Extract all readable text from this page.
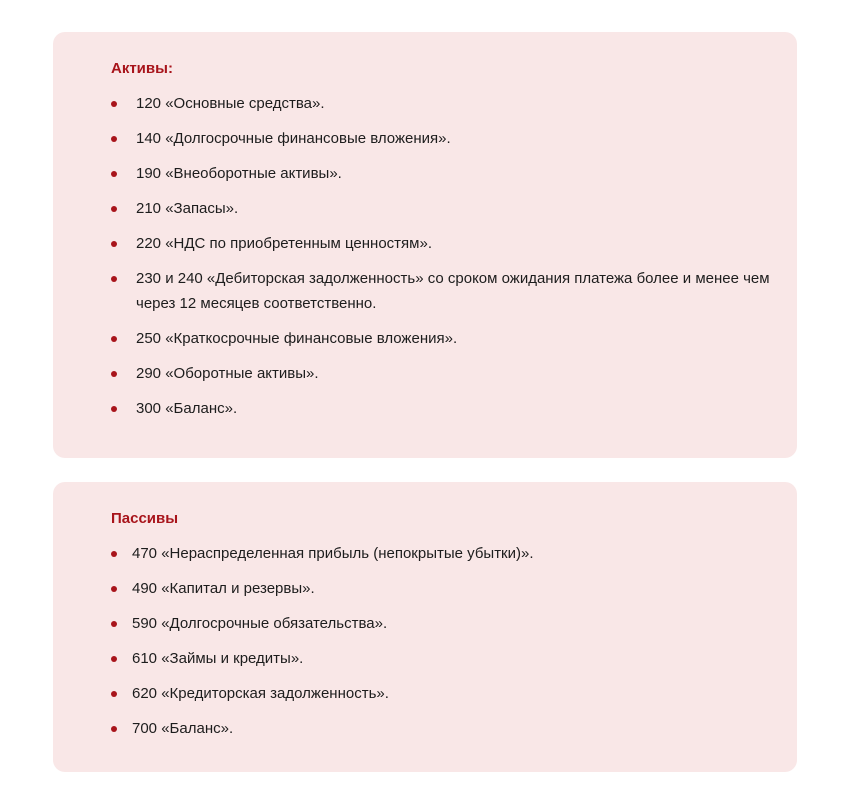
Активы:
120 «Основные средства».
140 «Долгосрочные финансовые вложения».
190 «Внеоборотные активы».
210 «Запасы».
220 «НДС по приобретенным ценностям».
230 и 240 «Дебиторская задолженность» со сроком ожидания платежа более и менее чем через 12 месяцев соответственно.
250 «Краткосрочные финансовые вложения».
290 «Оборотные активы».
300 «Баланс».
Пассивы
470 «Нераспределенная прибыль (непокрытые убытки)».
490 «Капитал и резервы».
590 «Долгосрочные обязательства».
610 «Займы и кредиты».
620 «Кредиторская задолженность».
700 «Баланс».
